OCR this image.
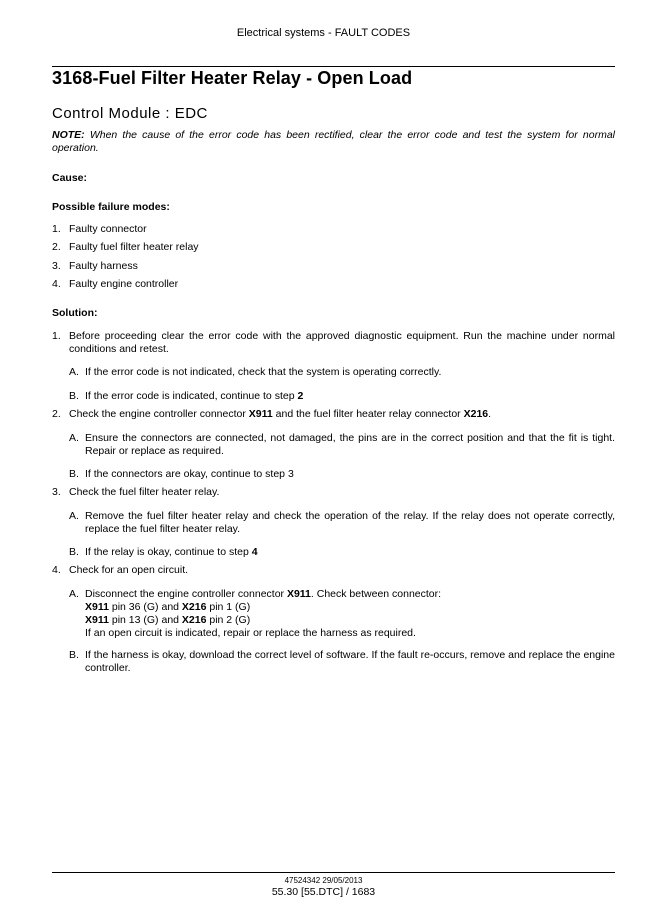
Electrical systems - FAULT CODES
3168-Fuel Filter Heater Relay - Open Load
Control Module : EDC
NOTE: When the cause of the error code has been rectified, clear the error code and test the system for normal operation.
Cause:
Possible failure modes:
1. Faulty connector
2. Faulty fuel filter heater relay
3. Faulty harness
4. Faulty engine controller
Solution:
1. Before proceeding clear the error code with the approved diagnostic equipment. Run the machine under normal conditions and retest.
A. If the error code is not indicated, check that the system is operating correctly.
B. If the error code is indicated, continue to step 2
2. Check the engine controller connector X911 and the fuel filter heater relay connector X216.
A. Ensure the connectors are connected, not damaged, the pins are in the correct position and that the fit is tight. Repair or replace as required.
B. If the connectors are okay, continue to step 3
3. Check the fuel filter heater relay.
A. Remove the fuel filter heater relay and check the operation of the relay. If the relay does not operate correctly, replace the fuel filter heater relay.
B. If the relay is okay, continue to step 4
4. Check for an open circuit.
A. Disconnect the engine controller connector X911. Check between connector:
X911 pin 36 (G) and X216 pin 1 (G)
X911 pin 13 (G) and X216 pin 2 (G)
If an open circuit is indicated, repair or replace the harness as required.
B. If the harness is okay, download the correct level of software. If the fault re-occurs, remove and replace the engine controller.
47524342 29/05/2013
55.30 [55.DTC] / 1683
